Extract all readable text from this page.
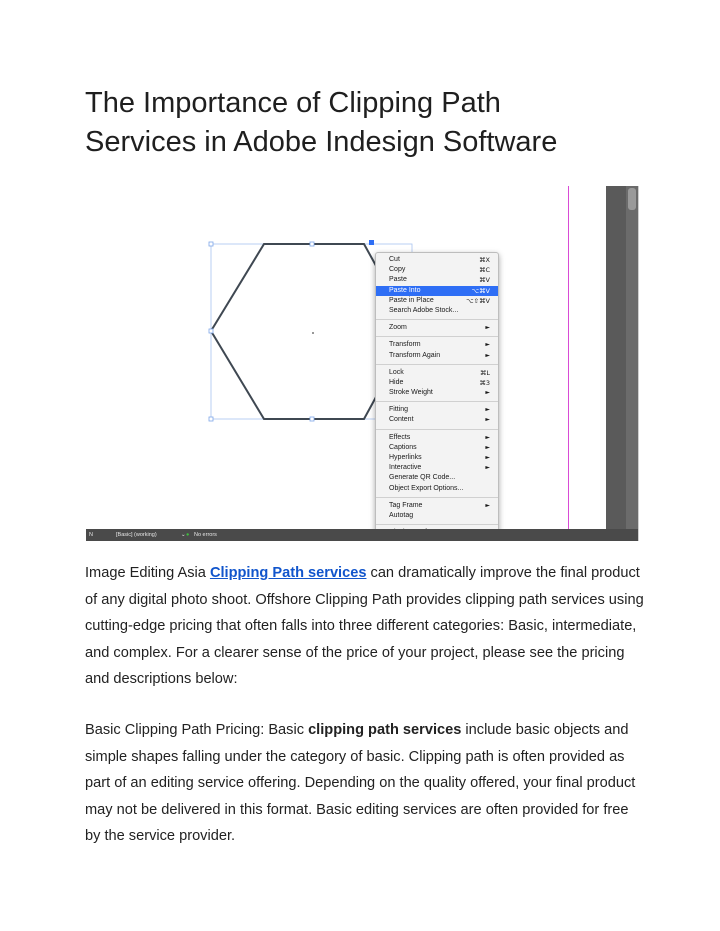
The Importance of Clipping Path
Services in Adobe Indesign Software
Cut	⌘X
Copy	⌘C
Paste	⌘V
Paste Into	⌥⌘V
Paste in Place	⌥⇧⌘V
Search Adobe Stock...
Zoom	►
Transform	►
Transform Again	►
Lock	⌘L
Hide	⌘3
Stroke Weight	►
Fitting	►
Content	►
Effects	►
Captions	►
Hyperlinks	►
Interactive	►
Generate QR Code...
Object Export Options...
Tag Frame	►
Autotag
N	[Basic] (working)	⌄ ● No errors

Image Editing Asia Clipping Path services can dramatically improve the final product of any digital photo shoot. Offshore Clipping Path provides clipping path services using cutting-edge pricing that often falls into three different categories: Basic, intermediate, and complex. For a clearer sense of the price of your project, please see the pricing and descriptions below:

Basic Clipping Path Pricing: Basic clipping path services include basic objects and simple shapes falling under the category of basic. Clipping path is often provided as part of an editing service offering. Depending on the quality offered, your final product may not be delivered in this format. Basic editing services are often provided for free by the service provider.
